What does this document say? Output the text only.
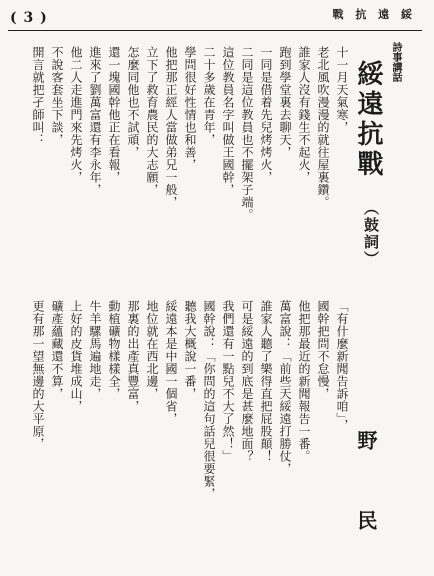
( 3 )	戰 抗 遠 綏
詩事講話
綏遠抗戰
（鼓詞）
野 民
十一月天氣寒，
老北風吹漫漫的就往屋裏鑽。
誰家人沒有錢生不起火，
跑到學堂裏去聊天，
一同是借着先兒烤烤火，
二同是這位教員也不擺架子端。
這位教員名字叫做王國幹，
二十多歲在青年，
學問很好性情也和善，
他把那正經人當做弟兄一般，
立下了救育農民的大志願，
怎麼同他也不試頑，
還一塊國幹他正在看報，
進來了劉萬富還有李永年，
他二人走進門來先烤火，
不說客套坐下談，
開言就把孑師叫：
「有什麼新聞告訴咱」，
國幹把問不怠慢，
他把那最近的新聞報告一番。
萬富說：「前些天綏遠打勝仗，
誰家人聽了樂得直把屁股顛！
可是綏遠的到底是甚麼地面？
我們還有一點兒不大了然！」
國幹說：「你問的這句話兒很要緊，
聽我大概說一番，
綏遠本是中國一個省，
地位就在西北邊，
那裏的出產真豐富，
動植礦物樣樣全，
牛羊騾馬遍地走，
上好的皮貨堆成山，
礦產蘊藏還不算，
更有那一望無邊的大平原，
